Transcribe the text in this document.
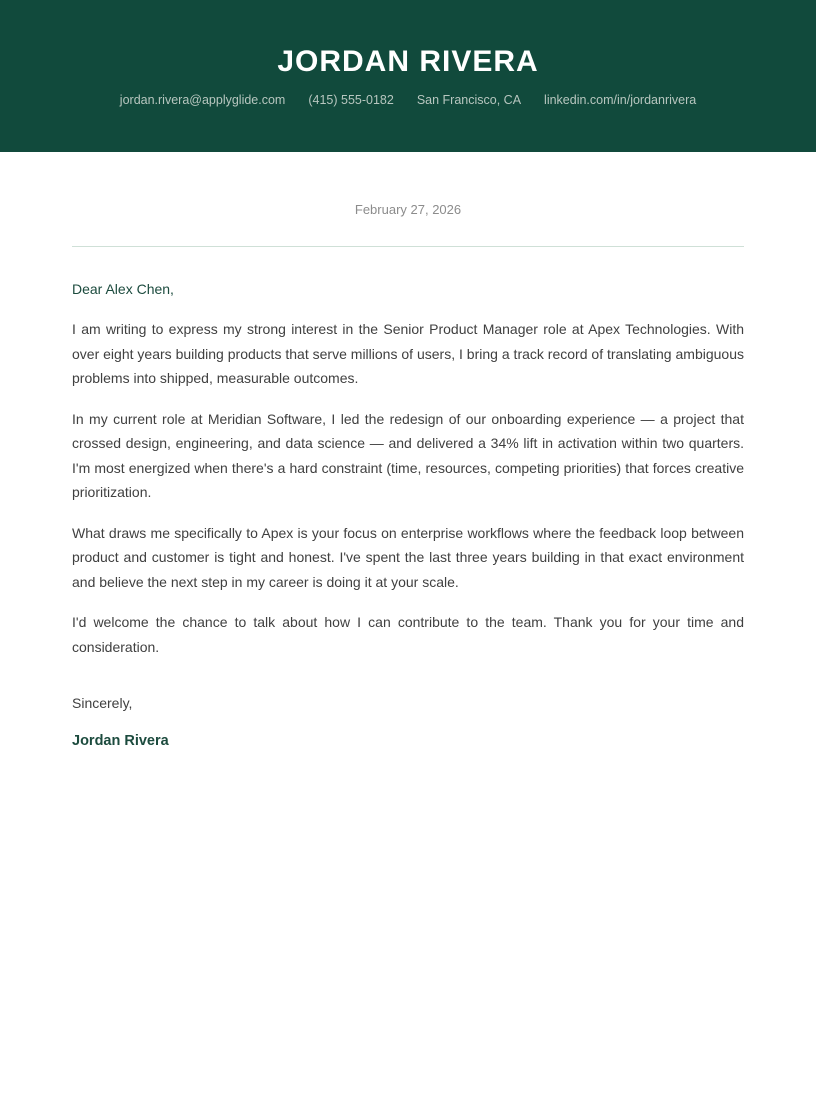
JORDAN RIVERA
jordan.rivera@applyglide.com (415) 555-0182 San Francisco, CA linkedin.com/in/jordanrivera
February 27, 2026

Dear Alex Chen,

I am writing to express my strong interest in the Senior Product Manager role at Apex Technologies. With over eight years building products that serve millions of users, I bring a track record of translating ambiguous problems into shipped, measurable outcomes.

In my current role at Meridian Software, I led the redesign of our onboarding experience — a project that crossed design, engineering, and data science — and delivered a 34% lift in activation within two quarters. I'm most energized when there's a hard constraint (time, resources, competing priorities) that forces creative prioritization.

What draws me specifically to Apex is your focus on enterprise workflows where the feedback loop between product and customer is tight and honest. I've spent the last three years building in that exact environment and believe the next step in my career is doing it at your scale.

I'd welcome the chance to talk about how I can contribute to the team. Thank you for your time and consideration.

Sincerely,

Jordan Rivera
